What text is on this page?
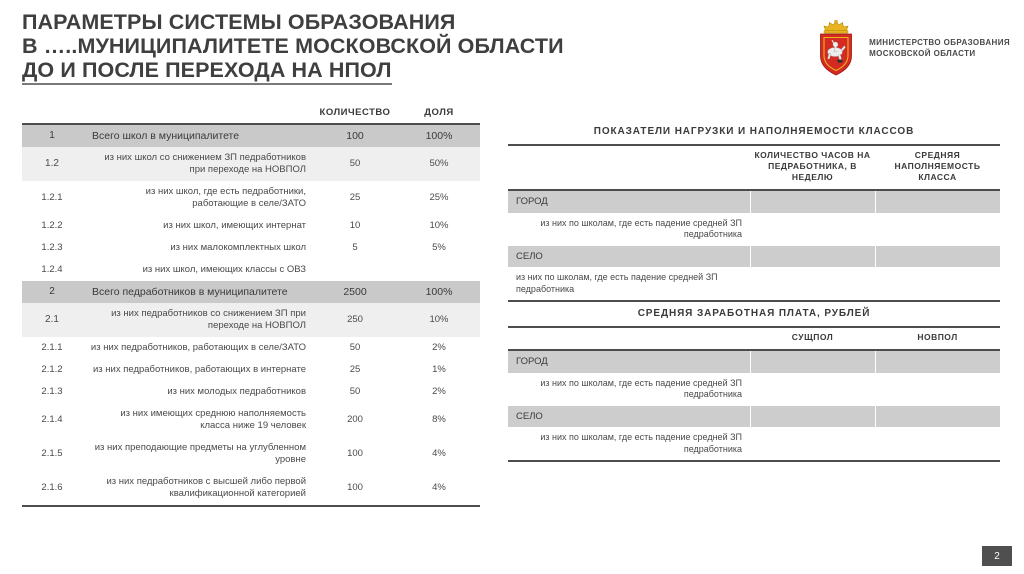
ПАРАМЕТРЫ СИСТЕМЫ ОБРАЗОВАНИЯ
В …..МУНИЦИПАЛИТЕТЕ МОСКОВСКОЙ ОБЛАСТИ
ДО И ПОСЛЕ ПЕРЕХОДА НА НПОЛ
МИНИСТЕРСТВО ОБРАЗОВАНИЯ
МОСКОВСКОЙ ОБЛАСТИ
		КОЛИЧЕСТВО	ДОЛЯ
1	Всего школ в муниципалитете	100	100%
1.2	из них школ со снижением ЗП педработников при переходе на НОВПОЛ	50	50%
1.2.1	из них школ, где есть педработники, работающие в селе/ЗАТО	25	25%
1.2.2	из них школ, имеющих интернат	10	10%
1.2.3	из них малокомплектных школ	5	5%
1.2.4	из них школ, имеющих классы с ОВЗ		
2	Всего педработников в муниципалитете	2500	100%
2.1	из них педработников со снижением ЗП при переходе на НОВПОЛ	250	10%
2.1.1	из них педработников, работающих в селе/ЗАТО	50	2%
2.1.2	из них педработников, работающих в интернате	25	1%
2.1.3	из них молодых педработников	50	2%
2.1.4	из них имеющих среднюю наполняемость класса ниже 19 человек	200	8%
2.1.5	из них преподающие предметы на углубленном уровне	100	4%
2.1.6	из них педработников с высшей либо первой квалификационной категорией	100	4%
ПОКАЗАТЕЛИ НАГРУЗКИ И НАПОЛНЯЕМОСТИ КЛАССОВ
	КОЛИЧЕСТВО ЧАСОВ НА ПЕДРАБОТНИКА, В НЕДЕЛЮ	СРЕДНЯЯ НАПОЛНЯЕМОСТЬ КЛАССА
ГОРОД		
из них по школам, где есть падение средней ЗП педработника		
СЕЛО		
из них по школам, где есть падение средней ЗП педработника		
СРЕДНЯЯ ЗАРАБОТНАЯ ПЛАТА, РУБЛЕЙ
	СУЩПОЛ	НОВПОЛ
ГОРОД		
из них по школам, где есть падение средней ЗП педработника		
СЕЛО		
из них по школам, где есть падение средней ЗП педработника		
2
